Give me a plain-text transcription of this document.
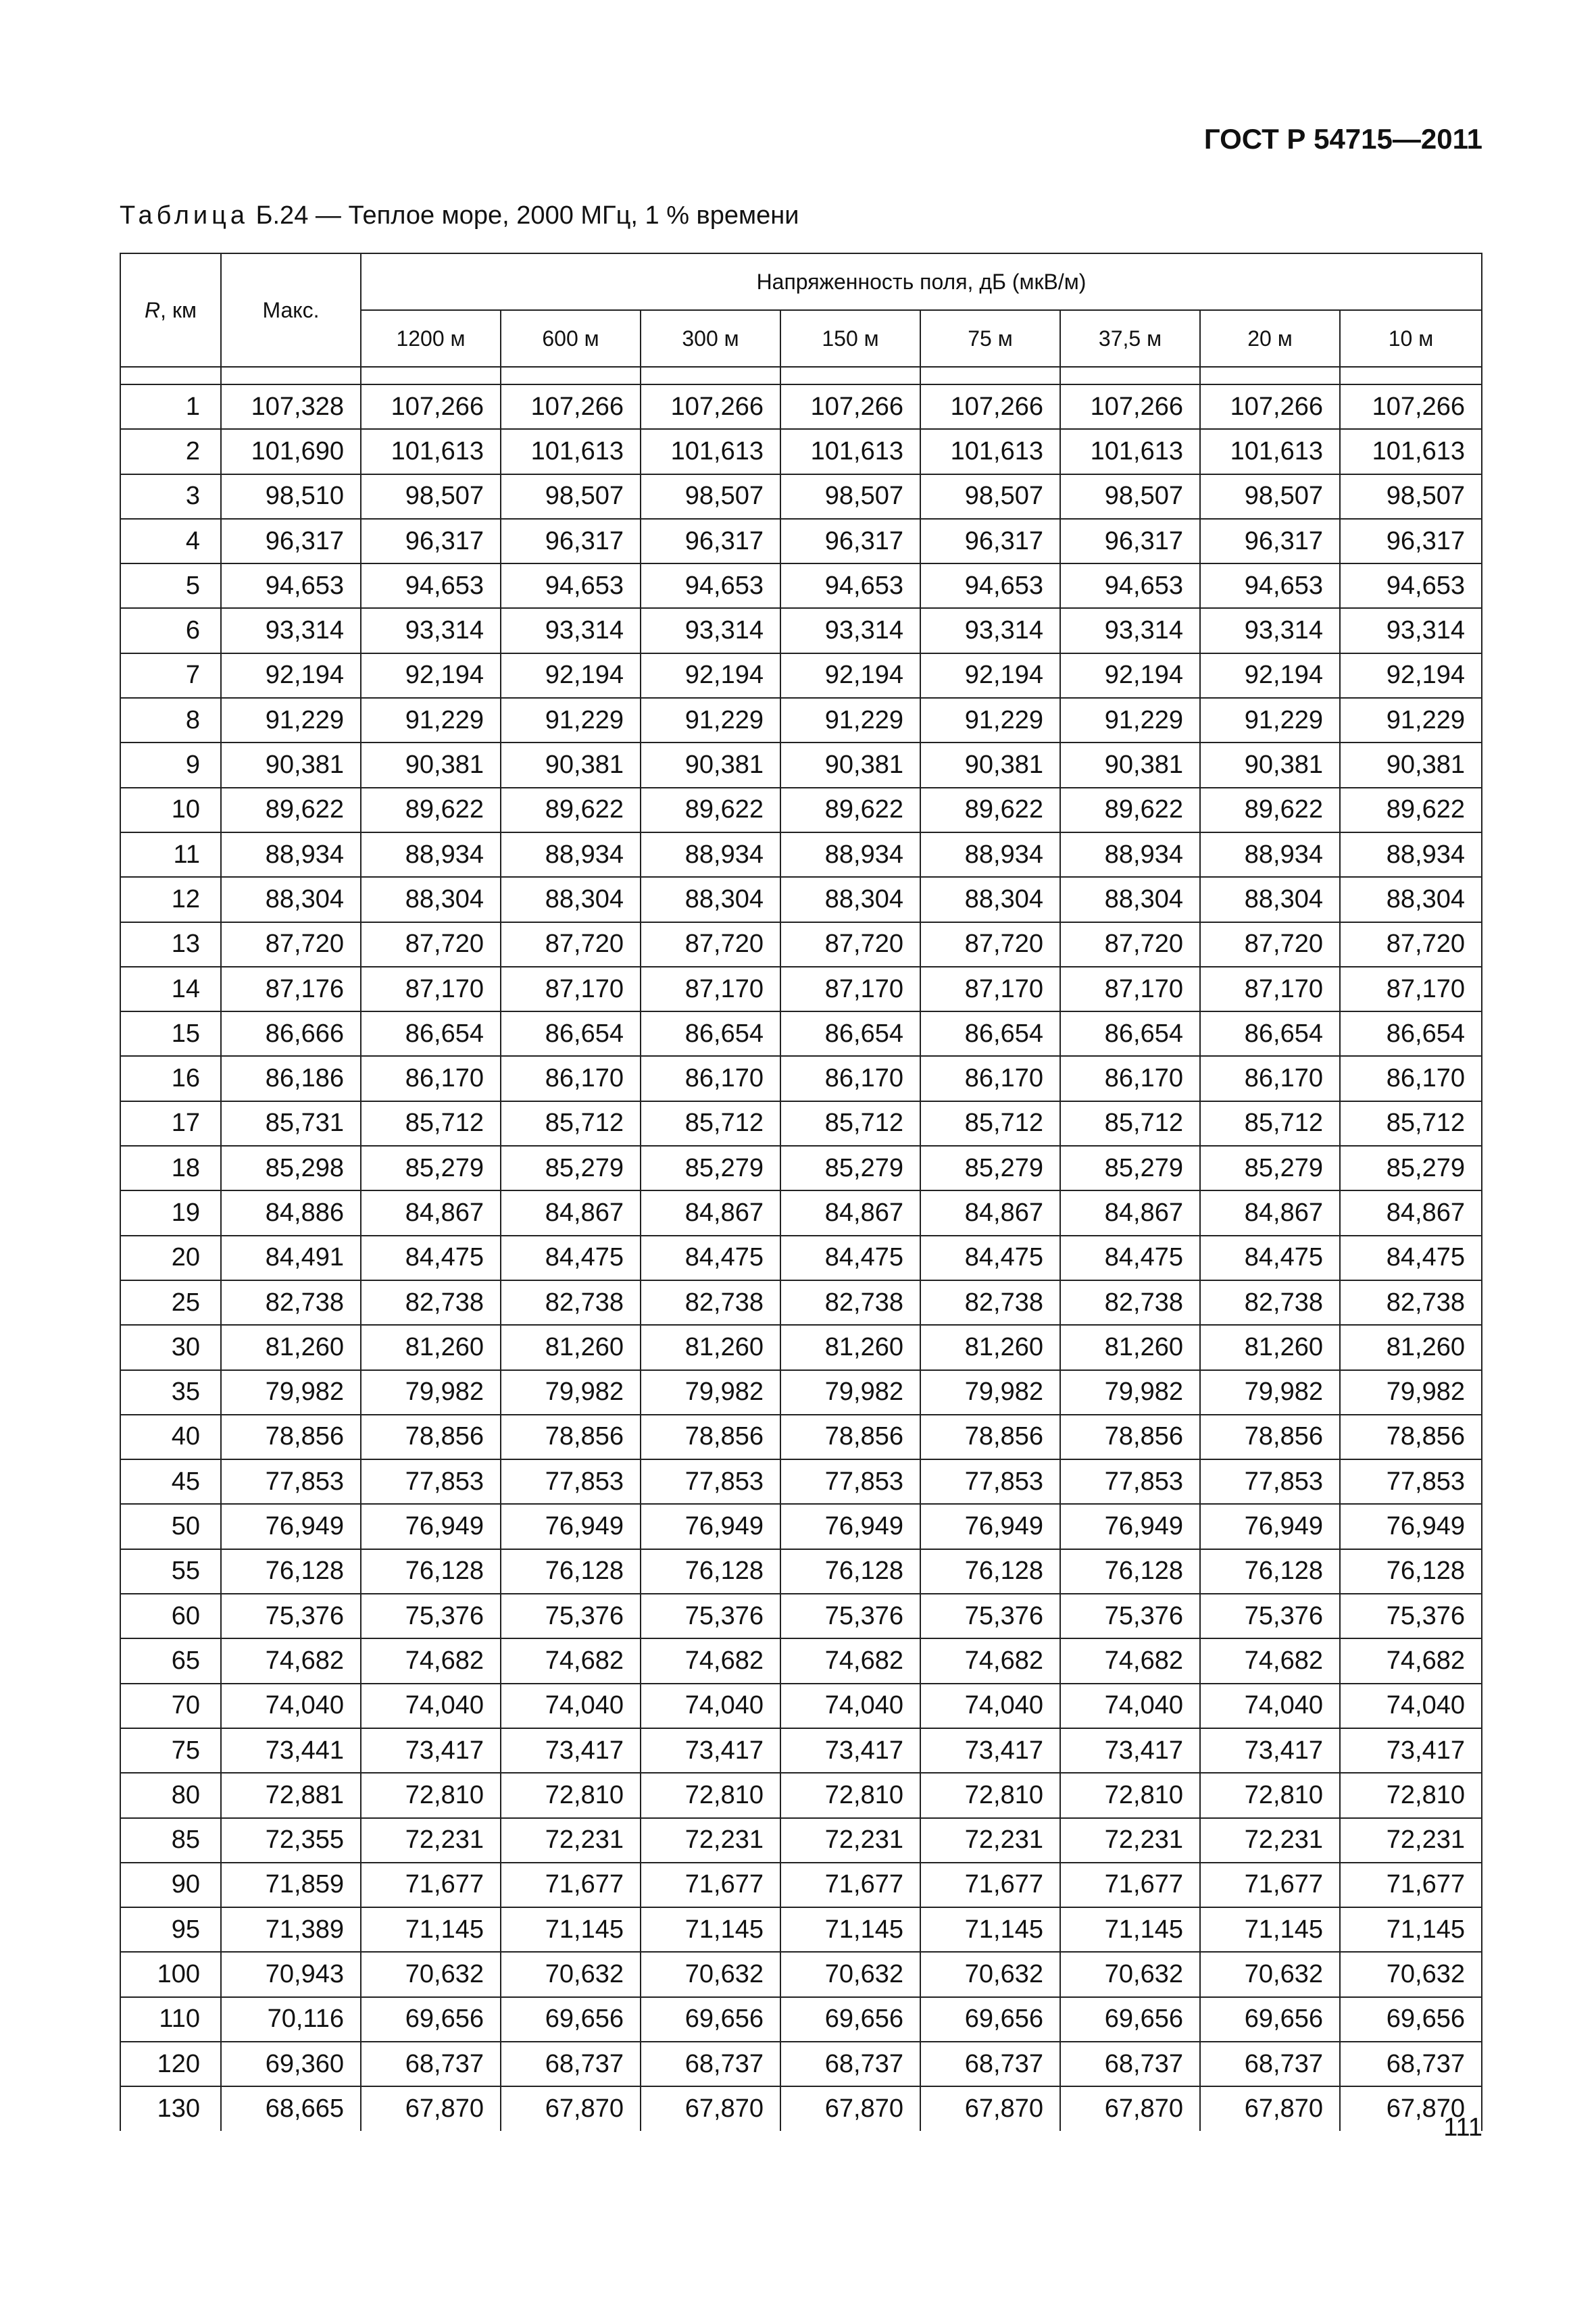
ГОСТ Р 54715—2011
Таблица Б.24 — Теплое море, 2000 МГц, 1 % времени
R, км	Макс.	Напряженность поля, дБ (мкВ/м)							
		1200 м	600 м	300 м	150 м	75 м	37,5 м	20 м	10 м

1	107,328	107,266	107,266	107,266	107,266	107,266	107,266	107,266	107,266
2	101,690	101,613	101,613	101,613	101,613	101,613	101,613	101,613	101,613
3	98,510	98,507	98,507	98,507	98,507	98,507	98,507	98,507	98,507
4	96,317	96,317	96,317	96,317	96,317	96,317	96,317	96,317	96,317
5	94,653	94,653	94,653	94,653	94,653	94,653	94,653	94,653	94,653
6	93,314	93,314	93,314	93,314	93,314	93,314	93,314	93,314	93,314
7	92,194	92,194	92,194	92,194	92,194	92,194	92,194	92,194	92,194
8	91,229	91,229	91,229	91,229	91,229	91,229	91,229	91,229	91,229
9	90,381	90,381	90,381	90,381	90,381	90,381	90,381	90,381	90,381
10	89,622	89,622	89,622	89,622	89,622	89,622	89,622	89,622	89,622
11	88,934	88,934	88,934	88,934	88,934	88,934	88,934	88,934	88,934
12	88,304	88,304	88,304	88,304	88,304	88,304	88,304	88,304	88,304
13	87,720	87,720	87,720	87,720	87,720	87,720	87,720	87,720	87,720
14	87,176	87,170	87,170	87,170	87,170	87,170	87,170	87,170	87,170
15	86,666	86,654	86,654	86,654	86,654	86,654	86,654	86,654	86,654
16	86,186	86,170	86,170	86,170	86,170	86,170	86,170	86,170	86,170
17	85,731	85,712	85,712	85,712	85,712	85,712	85,712	85,712	85,712
18	85,298	85,279	85,279	85,279	85,279	85,279	85,279	85,279	85,279
19	84,886	84,867	84,867	84,867	84,867	84,867	84,867	84,867	84,867
20	84,491	84,475	84,475	84,475	84,475	84,475	84,475	84,475	84,475
25	82,738	82,738	82,738	82,738	82,738	82,738	82,738	82,738	82,738
30	81,260	81,260	81,260	81,260	81,260	81,260	81,260	81,260	81,260
35	79,982	79,982	79,982	79,982	79,982	79,982	79,982	79,982	79,982
40	78,856	78,856	78,856	78,856	78,856	78,856	78,856	78,856	78,856
45	77,853	77,853	77,853	77,853	77,853	77,853	77,853	77,853	77,853
50	76,949	76,949	76,949	76,949	76,949	76,949	76,949	76,949	76,949
55	76,128	76,128	76,128	76,128	76,128	76,128	76,128	76,128	76,128
60	75,376	75,376	75,376	75,376	75,376	75,376	75,376	75,376	75,376
65	74,682	74,682	74,682	74,682	74,682	74,682	74,682	74,682	74,682
70	74,040	74,040	74,040	74,040	74,040	74,040	74,040	74,040	74,040
75	73,441	73,417	73,417	73,417	73,417	73,417	73,417	73,417	73,417
80	72,881	72,810	72,810	72,810	72,810	72,810	72,810	72,810	72,810
85	72,355	72,231	72,231	72,231	72,231	72,231	72,231	72,231	72,231
90	71,859	71,677	71,677	71,677	71,677	71,677	71,677	71,677	71,677
95	71,389	71,145	71,145	71,145	71,145	71,145	71,145	71,145	71,145
100	70,943	70,632	70,632	70,632	70,632	70,632	70,632	70,632	70,632
110	70,116	69,656	69,656	69,656	69,656	69,656	69,656	69,656	69,656
120	69,360	68,737	68,737	68,737	68,737	68,737	68,737	68,737	68,737
130	68,665	67,870	67,870	67,870	67,870	67,870	67,870	67,870	67,870
111
